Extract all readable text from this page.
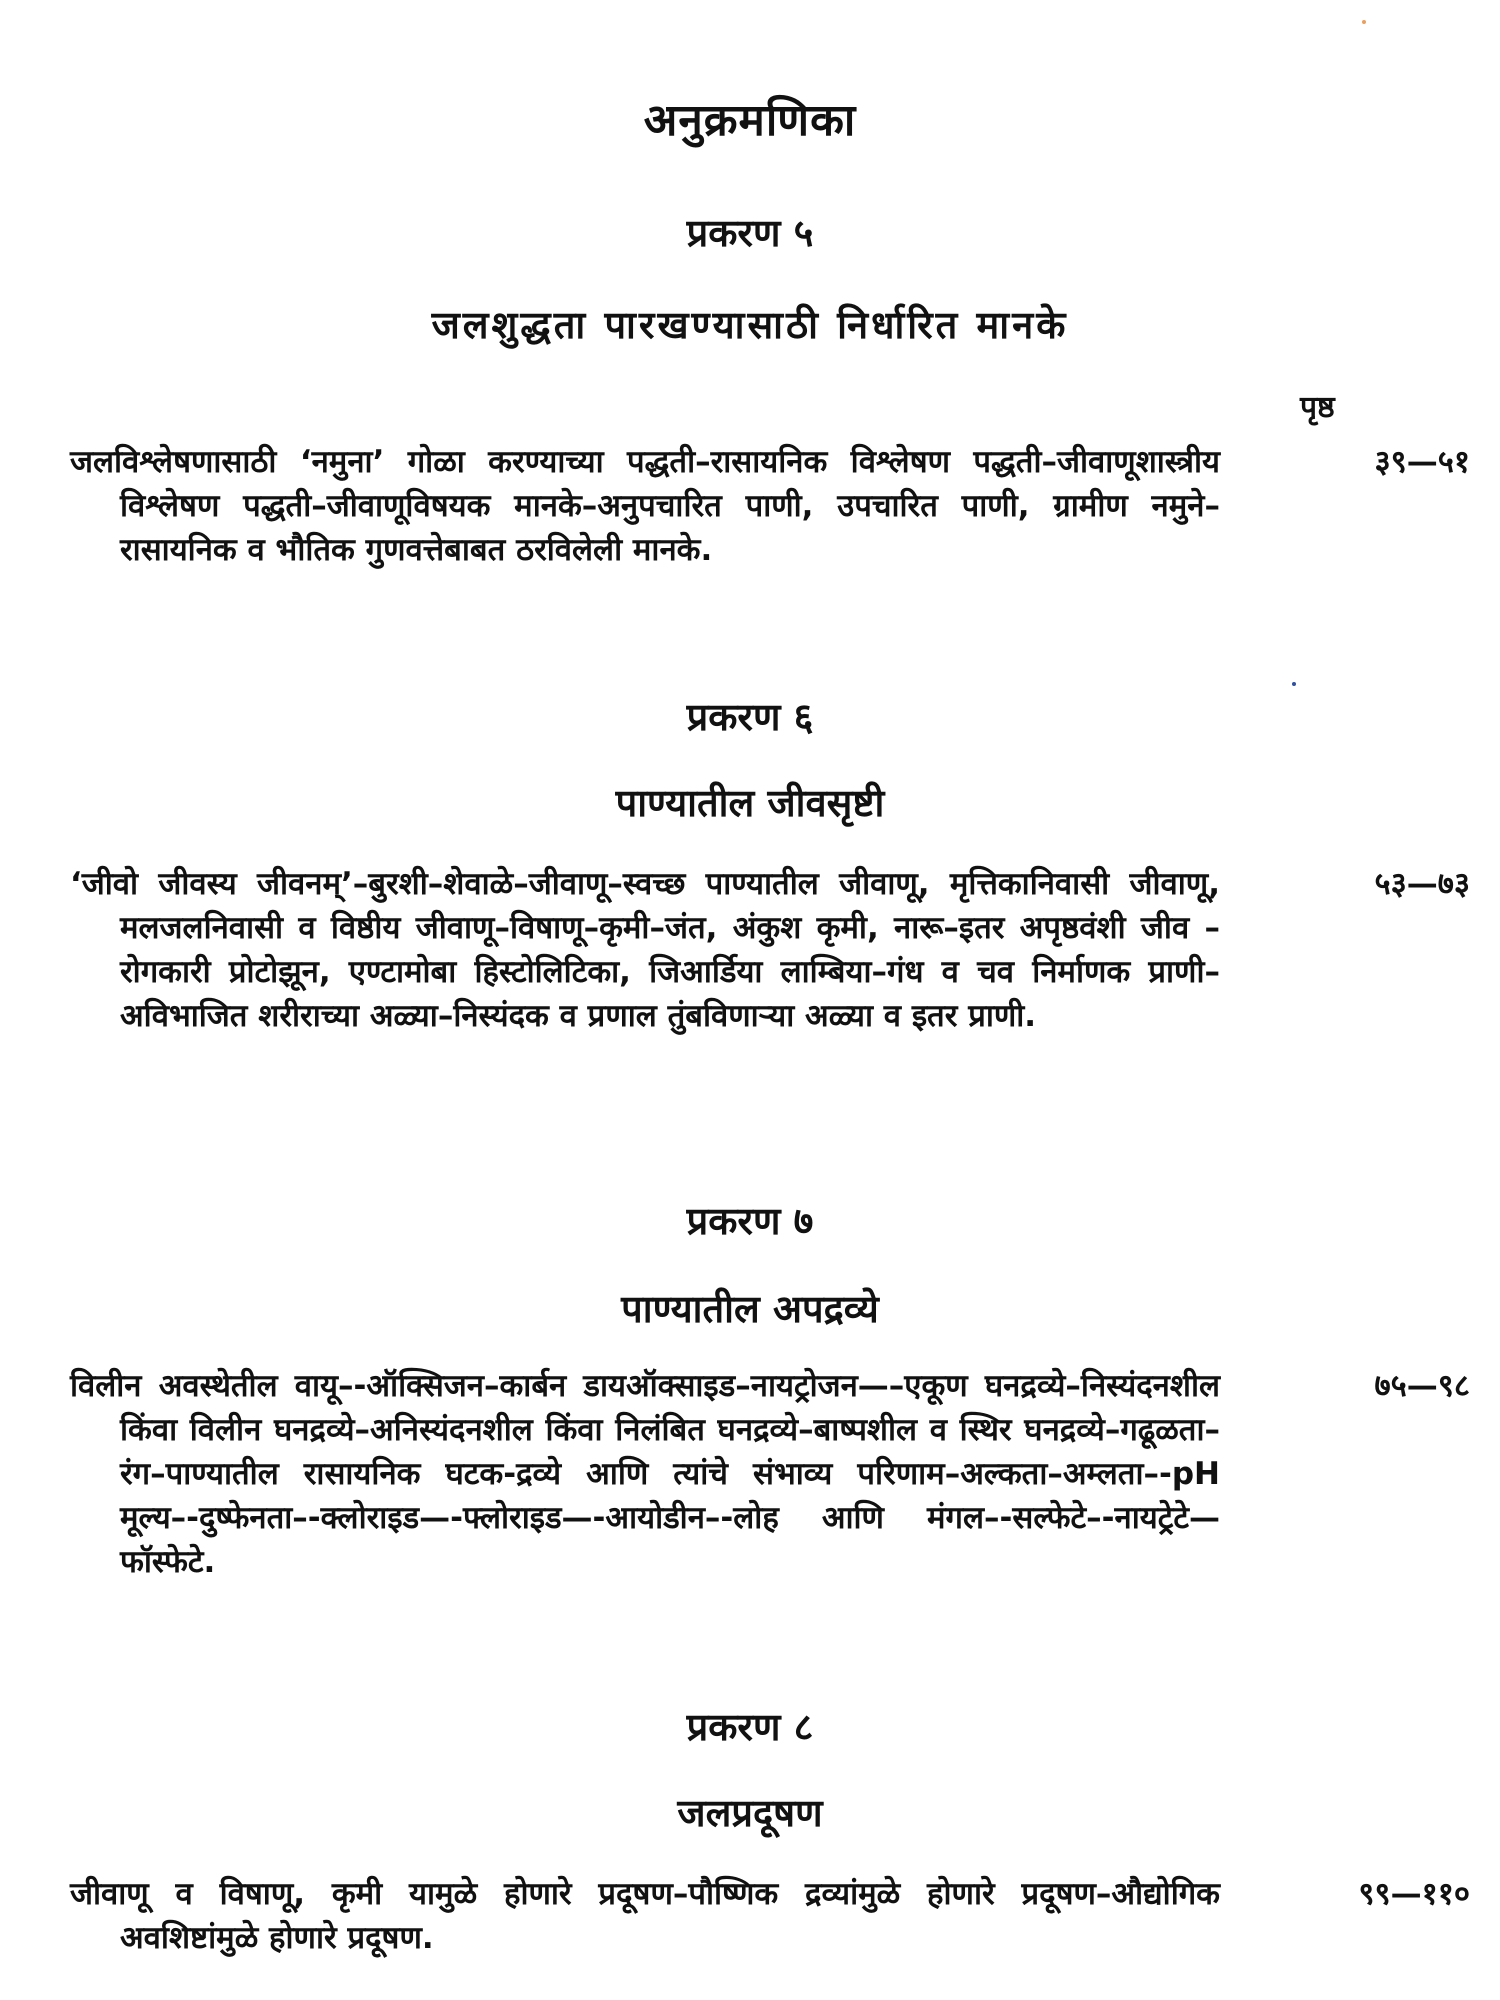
अनुक्रमणिका
प्रकरण ५
जलशुद्धता पारखण्यासाठी निर्धारित मानके
पृष्ठ
जलविश्लेषणासाठी ‘नमुना’ गोळा करण्याच्या पद्धती–रासायनिक विश्लेषण पद्धती–जीवाणूशास्त्रीय विश्लेषण पद्धती–जीवाणूविषयक मानके–अनुपचारित पाणी, उपचारित पाणी, ग्रामीण नमुने–रासायनिक व भौतिक गुणवत्तेबाबत ठरविलेली मानके.
३९—५१
प्रकरण ६
पाण्यातील जीवसृष्टी
‘जीवो जीवस्य जीवनम्’–बुरशी–शेवाळे–जीवाणू–स्वच्छ पाण्यातील जीवाणू, मृत्तिकानिवासी जीवाणू, मलजलनिवासी व विष्ठीय जीवाणू–विषाणू–कृमी–जंत, अंकुश कृमी, नारू–इतर अपृष्ठवंशी जीव –रोगकारी प्रोटोझून, एण्टामोबा हिस्टोलिटिका, जिआर्डिया लाम्बिया–गंध व चव निर्माणक प्राणी–अविभाजित शरीराच्या अळ्या–निस्यंदक व प्रणाल तुंबविणाऱ्या अळ्या व इतर प्राणी.
५३—७३
प्रकरण ७
पाण्यातील अपद्रव्ये
विलीन अवस्थेतील वायू–-ऑक्सिजन–कार्बन डायऑक्साइड–नायट्रोजन—–एकूण घनद्रव्ये–निस्यंदनशील किंवा विलीन घनद्रव्ये–अनिस्यंदनशील किंवा निलंबित घनद्रव्ये–बाष्पशील व स्थिर घनद्रव्ये–गढूळता–रंग–पाण्यातील रासायनिक घटक-द्रव्ये आणि त्यांचे संभाव्य परिणाम–अल्कता–अम्लता–-pH मूल्य–-दुष्फेनता–-क्लोराइड—-फ्लोराइड—-आयोडीन–-लोह आणि मंगल–-सल्फेटे–-नायट्रेटे—फॉस्फेटे.
७५—९८
प्रकरण ८
जलप्रदूषण
जीवाणू व विषाणू, कृमी यामुळे होणारे प्रदूषण–पौष्णिक द्रव्यांमुळे होणारे प्रदूषण–औद्योगिक अवशिष्टांमुळे होणारे प्रदूषण.
९९—११०
